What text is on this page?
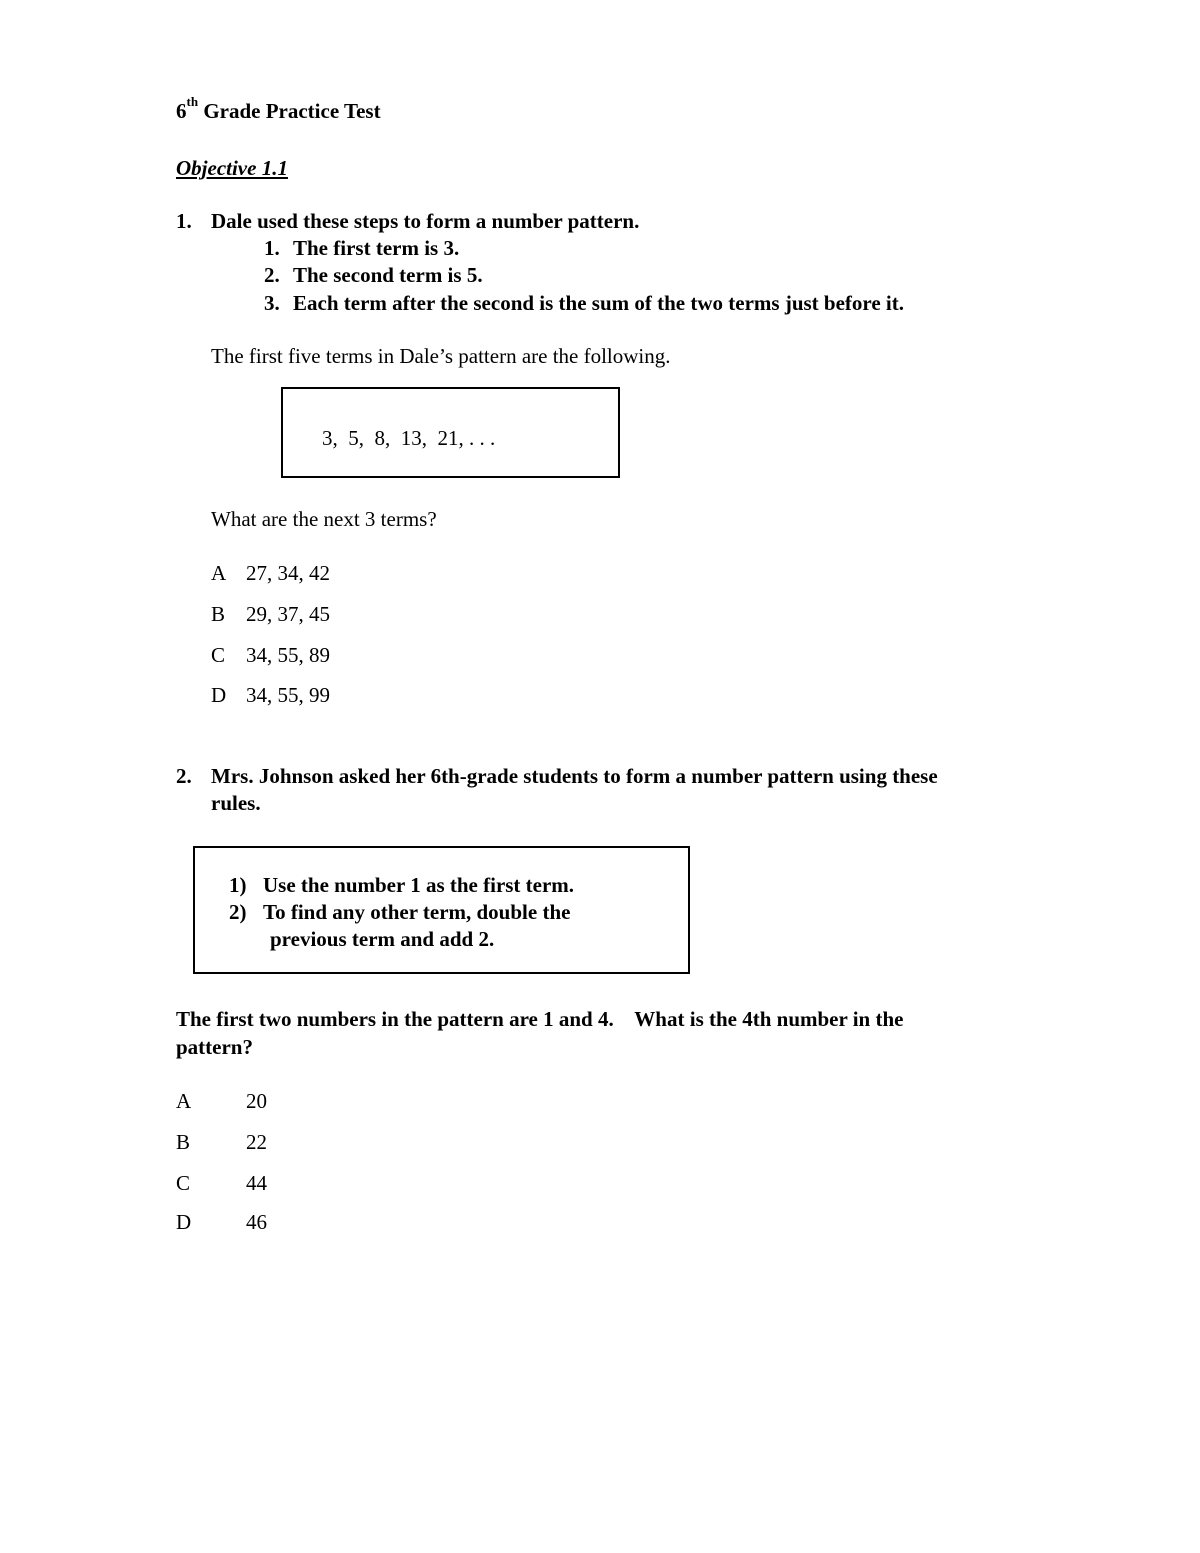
6th Grade Practice Test
Objective 1.1
1. Dale used these steps to form a number pattern.
1. The first term is 3.
2. The second term is 5.
3. Each term after the second is the sum of the two terms just before it.
The first five terms in Dale’s pattern are the following.
3,  5,  8,  13,  21, . . .
What are the next 3 terms?
A 27, 34, 42
B 29, 37, 45
C 34, 55, 89
D 34, 55, 99
2. Mrs. Johnson asked her 6th-grade students to form a number pattern using these
rules.
1) Use the number 1 as the first term.
2) To find any other term, double the
previous term and add 2.
The first two numbers in the pattern are 1 and 4.    What is the 4th number in the
pattern?
A	20
B	22
C	44
D	46
